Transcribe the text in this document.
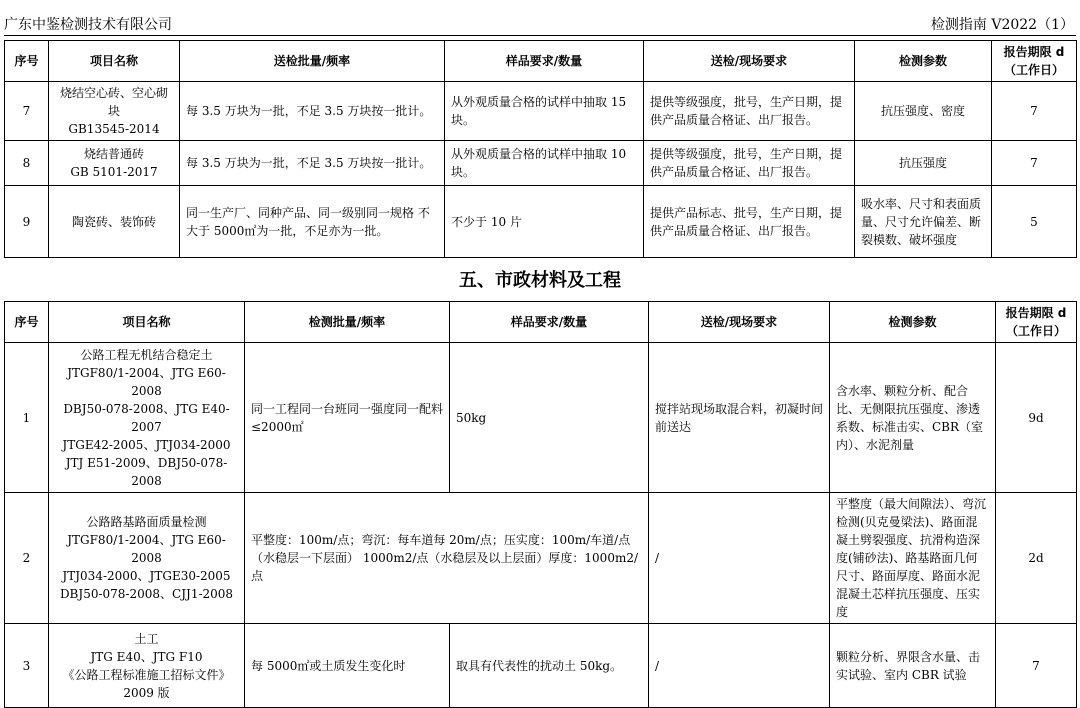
广东中鉴检测技术有限公司	检测指南 V2022（1）
序号	项目名称	送检批量/频率	样品要求/数量	送检/现场要求	检测参数	报告期限 d
（工作日）
7	烧结空心砖、空心砌块
GB13545-2014	每 3.5 万块为一批，不足 3.5 万块按一批计。	从外观质量合格的试样中抽取 15 块。	提供等级强度，批号，生产日期，提供产品质量合格证、出厂报告。	抗压强度、密度	7
8	烧结普通砖
GB 5101-2017	每 3.5 万块为一批，不足 3.5 万块按一批计。	从外观质量合格的试样中抽取 10 块。	提供等级强度，批号，生产日期，提供产品质量合格证、出厂报告。	抗压强度	7
9	陶瓷砖、装饰砖	同一生产厂、同种产品、同一级别同一规格 不大于 5000㎡为一批，不足亦为一批。	不少于 10 片	提供产品标志、批号，生产日期，提供产品质量合格证、出厂报告。	吸水率、尺寸和表面质量、尺寸允许偏差、断裂模数、破坏强度	5
五、市政材料及工程
序号	项目名称	检测批量/频率	样品要求/数量	送检/现场要求	检测参数	报告期限 d
（工作日）
1	公路工程无机结合稳定土
JTGF80/1-2004、JTG E60-2008
DBJ50-078-2008、JTG E40-2007
JTGE42-2005、JTJ034-2000
JTJ E51-2009、DBJ50-078-2008	同一工程同一台班同一强度同一配料≤2000㎡	50kg	搅拌站现场取混合料，初凝时间前送达	含水率、颗粒分析、配合比、无侧限抗压强度、渗透系数、标准击实、CBR（室内）、水泥剂量	9d
2	公路路基路面质量检测
JTGF80/1-2004、JTG E60-2008
JTJ034-2000、JTGE30-2005
DBJ50-078-2008、CJJ1-2008	平整度：100m/点；弯沉：每车道每 20m/点；压实度：100m/车道/点（水稳层一下层面） 1000m2/点（水稳层及以上层面）厚度：1000m2/点		/	平整度（最大间隙法）、弯沉检测(贝克曼梁法)、路面混凝土劈裂强度、抗滑构造深度(铺砂法)、路基路面几何尺寸、路面厚度、路面水泥混凝土芯样抗压强度、压实度	2d
3	土工
JTG E40、JTG F10
《公路工程标准施工招标文件》
2009 版	每 5000㎡或土质发生变化时	取具有代表性的扰动土 50kg。	/	颗粒分析、界限含水量、击实试验、室内 CBR 试验	7
